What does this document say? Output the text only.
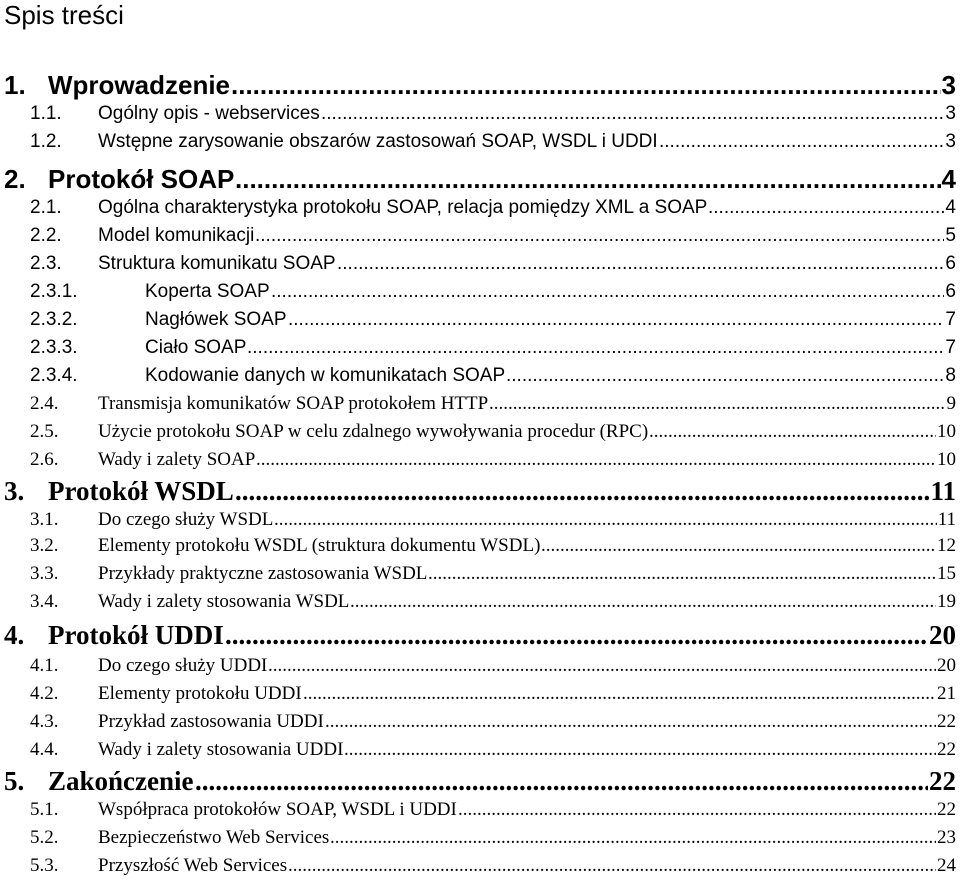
Spis treści
1. Wprowadzenie .....	3
1.1. Ogólny opis - webservices .....	3
1.2. Wstępne zarysowanie obszarów zastosowań SOAP, WSDL i UDDI .....	3
2. Protokół SOAP .....	4
2.1. Ogólna charakterystyka protokołu SOAP, relacja pomiędzy XML a SOAP .....	4
2.2. Model komunikacji .....	5
2.3. Struktura komunikatu SOAP .....	6
2.3.1.	Koperta SOAP .....	6
2.3.2.	Nagłówek SOAP .....	7
2.3.3.	Ciało SOAP .....	7
2.3.4.	Kodowanie danych w komunikatach SOAP .....	8
2.4. Transmisja komunikatów SOAP protokołem HTTP .....	9
2.5. Użycie protokołu SOAP w celu zdalnego wywoływania procedur (RPC) .....	10
2.6. Wady i zalety SOAP .....	10
3. Protokół WSDL .....	11
3.1. Do czego służy WSDL .....	11
3.2. Elementy protokołu WSDL (struktura dokumentu WSDL) .....	12
3.3. Przykłady praktyczne zastosowania WSDL .....	15
3.4. Wady i zalety stosowania WSDL .....	19
4. Protokół UDDI .....	20
4.1. Do czego służy UDDI .....	20
4.2. Elementy protokołu UDDI .....	21
4.3. Przykład zastosowania UDDI .....	22
4.4. Wady i zalety stosowania UDDI .....	22
5. Zakończenie .....	22
5.1. Współpraca protokołów SOAP, WSDL i UDDI .....	22
5.2. Bezpieczeństwo Web Services .....	23
5.3. Przyszłość Web Services .....	24
